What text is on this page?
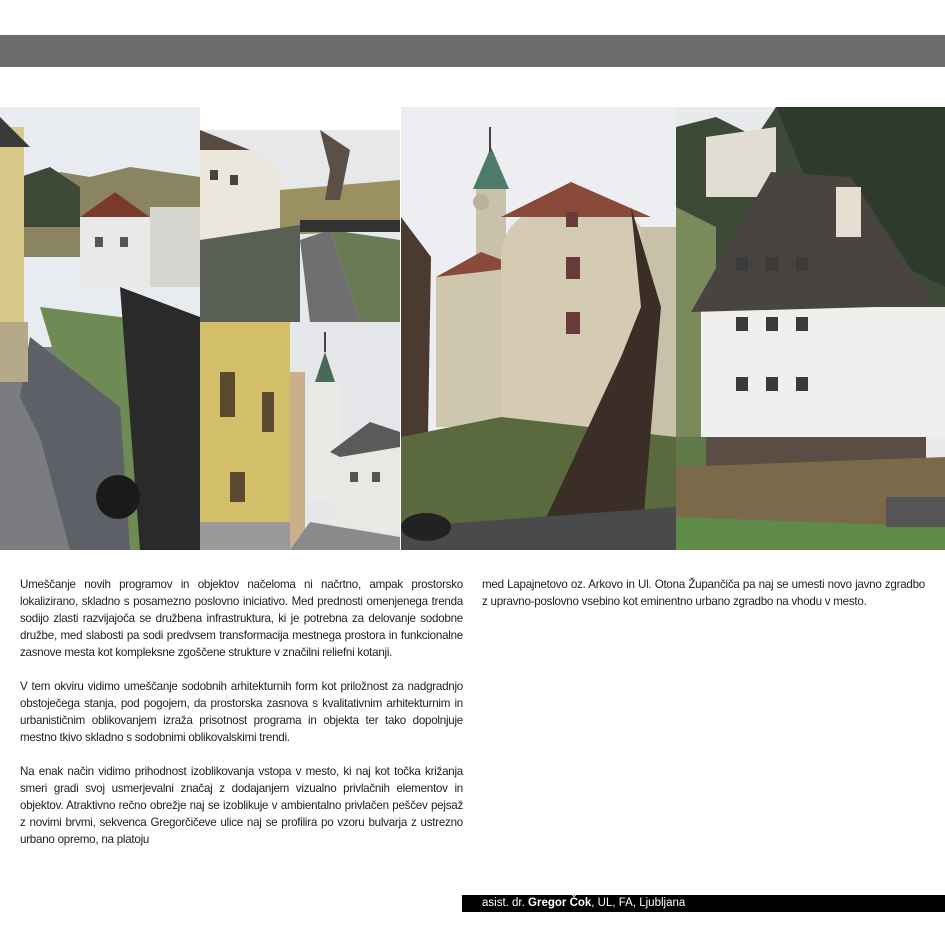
Umeščanje novih programov in objektov načeloma ni načrtno, ampak prostorsko lokalizirano, skladno s posamezno poslovno iniciativo. Med prednosti omenjenega trenda sodijo zlasti razvijajoča se družbena infrastruktura, ki je potrebna za delovanje sodobne družbe, med slabosti pa sodi predvsem transformacija mestnega prostora in funkcionalne zasnove mesta kot kompleksne zgoščene strukture v značilni reliefni kotanji.

V tem okviru vidimo umeščanje sodobnih arhitekturnih form kot priložnost za nadgradnjo obstoječega stanja, pod pogojem, da prostorska zasnova s kvalitativnim arhitekturnim in urbanističnim oblikovanjem izraža prisotnost programa in objekta ter tako dopolnjuje mestno tkivo skladno s sodobnimi oblikovalskimi trendi.

Na enak način vidimo prihodnost izoblikovanja vstopa v mesto, ki naj kot točka križanja smeri gradi svoj usmerjevalni značaj z dodajanjem vizualno privlačnih elementov in objektov. Atraktivno rečno obrežje naj se izoblikuje v ambientalno privlačen peščev pejsaž z novimi brvmi, sekvenca Gregorčičeve ulice naj se profilira po vzoru bulvarja z ustrezno urbano opremo, na platoju

med Lapajnetovo oz. Arkovo in Ul. Otona Župančiča pa naj se umesti novo javno zgradbo z upravno-poslovno vsebino kot eminentno urbano zgradbo na vhodu v mesto.

asist. dr. Gregor Čok, UL, FA, Ljubljana
